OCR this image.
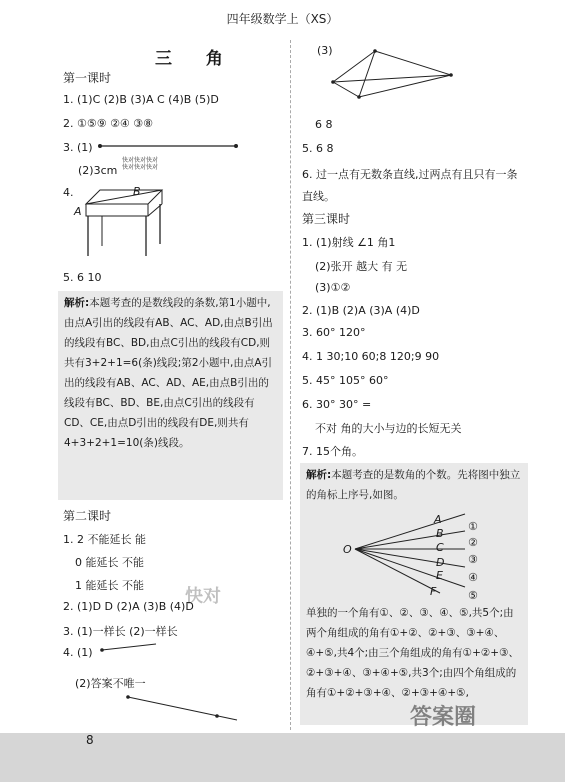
四年级数学上（XS）
三 角
第一课时
1. (1)C (2)B (3)A C (4)B (5)D
2. ①⑤⑨ ②④ ③⑧
3. (1)
(2)3cm
快对快对快对
快对快对快对
4.
A
B
5. 6 10

解析:本题考查的是数线段的条数,第1小题中,由点A引出的线段有AB、AC、AD,由点B引出的线段有BC、BD,由点C引出的线段有CD,则共有3+2+1=6(条)线段;第2小题中,由点A引出的线段有AB、AC、AD、AE,由点B引出的线段有BC、BD、BE,由点C引出的线段有CD、CE,由点D引出的线段有DE,则共有4+3+2+1=10(条)线段。

第二课时
1. 2 不能延长 能
0 能延长 不能
1 能延长 不能
2. (1)D D (2)A (3)B (4)D
3. (1)一样长 (2)一样长
4. (1)
(2)答案不唯一
快对
(3)
6 8
5. 6 8
6. 过一点有无数条直线,过两点有且只有一条直线。
第三课时
1. (1)射线 ∠1 角1
(2)张开 越大 有 无
(3)①②
2. (1)B (2)A (3)A (4)D
3. 60° 120°
4. 1 30;10 60;8 120;9 90
5. 45° 105° 60°
6. 30° 30° =
不对 角的大小与边的长短无关
7. 15个角。

解析:本题考查的是数角的个数。先将图中独立的角标上序号,如图。

O
A
B
C
D
E
F
①
②
③
④
⑤

单独的一个角有①、②、③、④、⑤,共5个;由两个角组成的角有①+②、②+③、③+④、④+⑤,共4个;由三个角组成的角有①+②+③、②+③+④、③+④+⑤,共3个;由四个角组成的角有①+②+③+④、②+③+④+⑤,

答案圈
8
